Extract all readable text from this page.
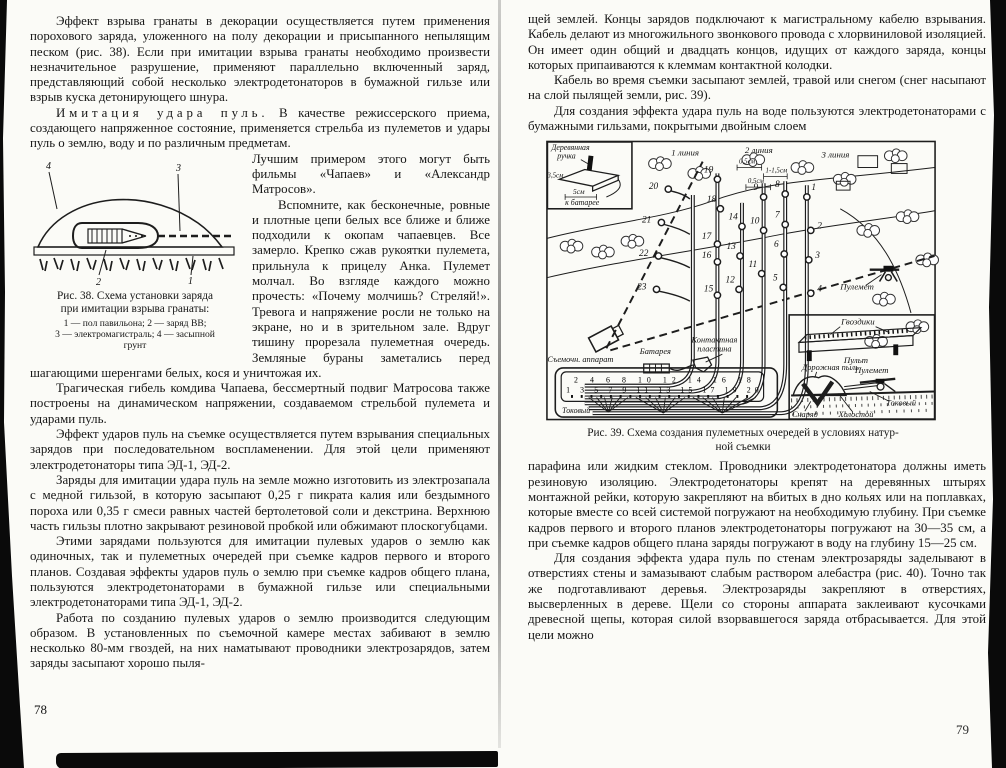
Эффект взрыва гранаты в декорации осуществляется путем применения порохового заряда, уложенного на полу декорации и присыпанного непылящим песком (рис. 38). Если при имитации взрыва гранаты необходимо произвести незначительное разрушение, применяют параллельно включенный заряд, представляющий собой несколько электродетонаторов в бумажной гильзе или взрыв куска детонирующего шнура.

Имитация удара пуль. В качестве режиссерского приема, создающего напряженное состояние, применяется стрельба из пулеметов и удары пуль о землю, воду и по различным предметам.

4	3
2	1
Рис. 38. Схема установки заряда
при имитации взрыва гранаты:
1 — пол павильона; 2 — заряд ВВ;
3 — электромагистраль; 4 — засыпной
грунт

Лучшим примером этого могут быть фильмы «Чапаев» и «Александр Матросов».

Вспомните, как бесконечные, ровные и плотные цепи белых все ближе и ближе подходили к окопам чапаевцев. Все замерло. Крепко сжав рукоятки пулемета, прильнула к прицелу Анка. Пулемет молчал. Во взгляде каждого можно прочесть: «Почему молчишь? Стреляй!». Тревога и напряжение росли не только на экране, но и в зрительном зале. Вдруг тишину прорезала пулеметная очередь. Земляные бураны заметались перед шагающими шеренгами белых, кося и уничтожая их.

Трагическая гибель комдива Чапаева, бессмертный подвиг Матросова также построены на динамическом напряжении, создаваемом стрельбой пулемета и ударами пуль.

Эффект ударов пуль на съемке осуществляется путем взрывания специальных зарядов при последовательном воспламенении. Для этой цели применяют электродетонаторы типа ЭД-1, ЭД-2.

Заряды для имитации удара пуль на земле можно изготовить из электрозапала с медной гильзой, в которую засыпают 0,25 г пикрата калия или бездымного пороха или 0,35 г смеси равных частей бертолетовой соли и декстрина. Верхнюю часть гильзы плотно закрывают резиновой пробкой или обжимают плоскогубцами.

Этими зарядами пользуются для имитации пулевых ударов о землю как одиночных, так и пулеметных очередей при съемке кадров первого и второго планов. Создавая эффекты ударов пуль о землю при съемке кадров общего плана, пользуются электродетонаторами в бумажной гильзе или специальными электродетонаторами типа ЭД-1, ЭД-2.

Работа по созданию пулевых ударов о землю производится следующим образом. В установленных по съемочной камере местах забивают в землю несколько 80-мм гвоздей, на них наматывают проводники электрозарядов, затем заряды засыпают хорошо пыля-

щей землей. Концы зарядов подключают к магистральному кабелю взрывания. Кабель делают из многожильного звонкового провода с хлорвиниловой изоляцией. Он имеет один общий и двадцать концов, идущих от каждого заряда, концы которых припаиваются к клеммам контактной колодки.

Кабель во время съемки засыпают землей, травой или снегом (снег насыпают на слой пылящей земли, рис. 39).

Для создания эффекта удара пуль на воде пользуются электродетонаторами с бумажными гильзами, покрытыми двойным слоем

20
21
22
23
19
18
17
16
15
14
13
12
9
10
11
8
7
6
5
1
2
3
4
1 линия	2 линия	3 линия
0,5см
1-1,5см
0,5см
Пулемет
Деревянная
ручка
3,5см
5см
к батарее
Съемочн. аппарат
Батарея
Контактная
пластина
2 4 6 8 10 12 14 16 18
1 3 5 7 9 11 13 15 17 19 20
Токовый
Гвоздики
Пульт
Пулемет
Дорожная пыль
Снаряд Холостой
Токовый
Рис. 39. Схема создания пулеметных очередей в условиях натур-
ной съемки

парафина или жидким стеклом. Проводники электродетонатора должны иметь резиновую изоляцию. Электродетонаторы крепят на деревянных штырях монтажной рейки, которую закрепляют на вбитых в дно кольях или на поплавках, которые вместе со всей системой погружают на необходимую глубину. При съемке кадров первого и второго планов электродетонаторы погружают на 30—35 см, а при съемке кадров общего плана заряды погружают в воду на глубину 15—25 см.

Для создания эффекта удара пуль по стенам электрозаряды заделывают в отверстиях стены и замазывают слабым раствором алебастра (рис. 40). Точно так же подготавливают деревья. Электрозаряды закрепляют в отверстиях, высверленных в дереве. Щели со стороны аппарата заклеивают кусочками древесной щепы, которая силой взорвавшегося заряда отбрасывается. Для этой цели можно

78
79
